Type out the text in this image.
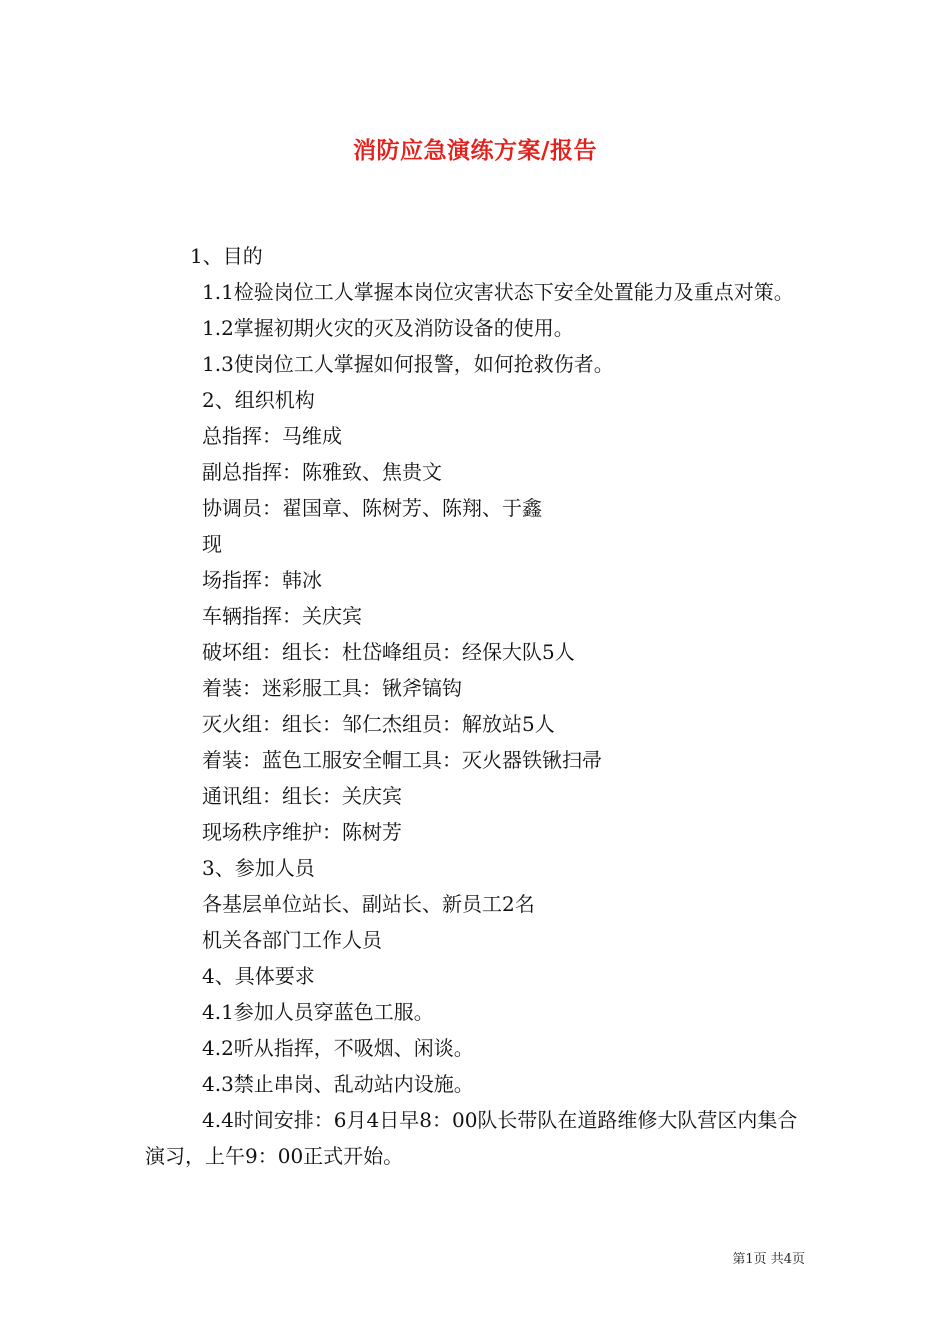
消防应急演练方案/报告

1、目的

1.1检验岗位工人掌握本岗位灾害状态下安全处置能力及重点对策。

1.2掌握初期火灾的灭及消防设备的使用。

1.3使岗位工人掌握如何报警，如何抢救伤者。

2、组织机构

总指挥：马维成

副总指挥：陈雅致、焦贵文

协调员：翟国章、陈树芳、陈翔、于鑫

现

场指挥：韩冰

车辆指挥：关庆宾

破坏组：组长：杜岱峰组员：经保大队5人

着装：迷彩服工具：锹斧镐钩

灭火组：组长：邹仁杰组员：解放站5人

着装：蓝色工服安全帽工具：灭火器铁锹扫帚

通讯组：组长：关庆宾

现场秩序维护：陈树芳

3、参加人员

各基层单位站长、副站长、新员工2名

机关各部门工作人员

4、具体要求

4.1参加人员穿蓝色工服。

4.2听从指挥，不吸烟、闲谈。

4.3禁止串岗、乱动站内设施。

4.4时间安排：6月4日早8：00队长带队在道路维修大队营区内集合演习，上午9：00正式开始。

第1页 共4页
